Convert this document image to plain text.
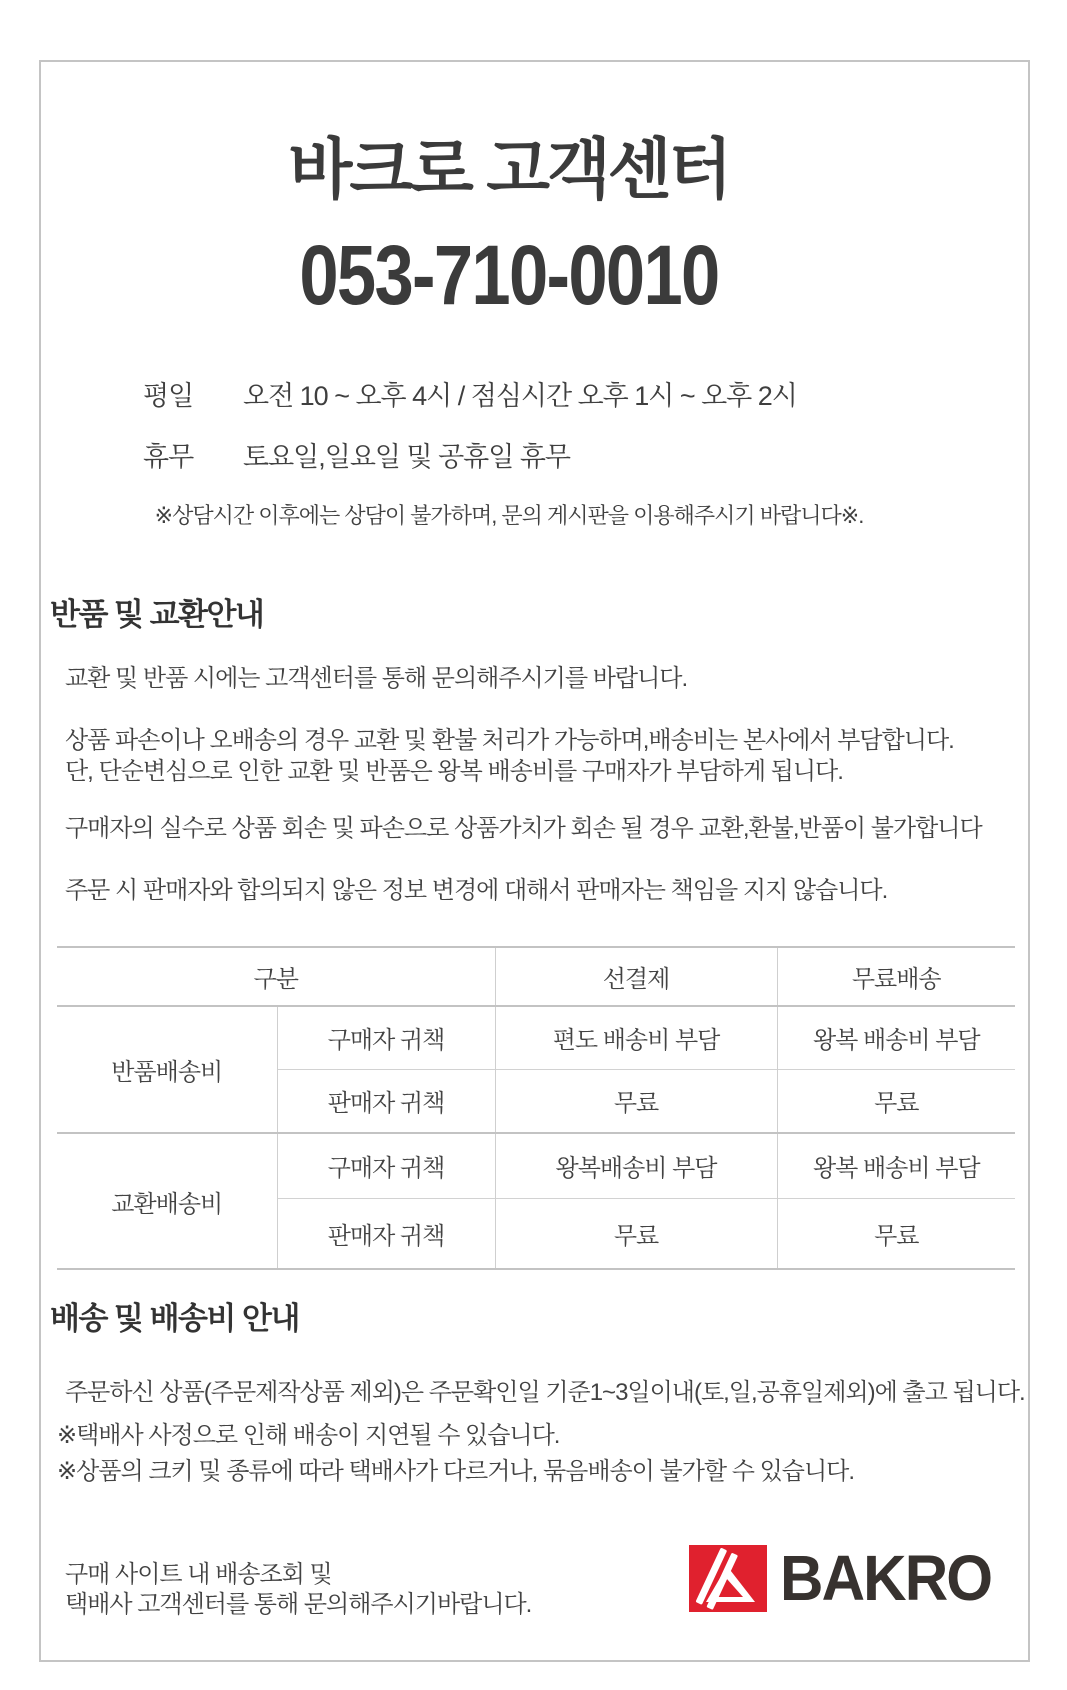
바크로 고객센터
053-710-0010
평일 오전 10 ~ 오후 4시 / 점심시간 오후 1시 ~ 오후 2시
휴무 토요일,일요일 및 공휴일 휴무
※상담시간 이후에는 상담이 불가하며, 문의 게시판을 이용해주시기 바랍니다※.
반품 및 교환안내

교환 및 반품 시에는 고객센터를 통해 문의해주시기를 바랍니다.

상품 파손이나 오배송의 경우 교환 및 환불 처리가 가능하며,배송비는 본사에서 부담합니다.

단, 단순변심으로 인한 교환 및 반품은 왕복 배송비를 구매자가 부담하게 됩니다.

구매자의 실수로 상품 회손 및 파손으로 상품가치가 회손 될 경우 교환,환불,반품이 불가합니다

주문 시 판매자와 합의되지 않은 정보 변경에 대해서 판매자는 책임을 지지 않습니다.

구분		선결제	무료배송
반품배송비	구매자 귀책	편도 배송비 부담	왕복 배송비 부담
	판매자 귀책	무료	무료
교환배송비	구매자 귀책	왕복배송비 부담	왕복 배송비 부담
	판매자 귀책	무료	무료
배송 및 배송비 안내

주문하신 상품(주문제작상품 제외)은 주문확인일 기준1~3일이내(토,일,공휴일제외)에 출고 됩니다.

※택배사 사정으로 인해 배송이 지연될 수 있습니다.

※상품의 크키 및 종류에 따라 택배사가 다르거나, 묶음배송이 불가할 수 있습니다.

구매 사이트 내 배송조회 및

택배사 고객센터를 통해 문의해주시기바랍니다.	BAKRO
